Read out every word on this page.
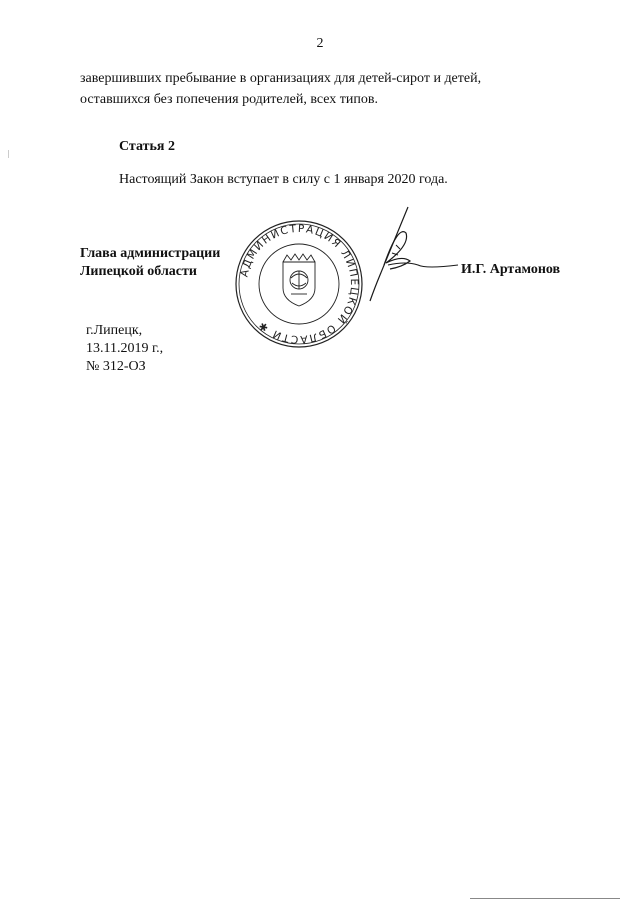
2
завершивших пребывание в организациях для детей-сирот и детей,
оставшихся без попечения родителей, всех типов.
Статья 2
Настоящий Закон вступает в силу с 1 января 2020 года.
Глава администрации
Липецкой области	АДМИНИСТРАЦИЯ ЛИПЕЦКОЙ ОБЛАСТИ ✱
И.Г. Артамонов
г.Липецк,
13.11.2019 г.,
№ 312-ОЗ
